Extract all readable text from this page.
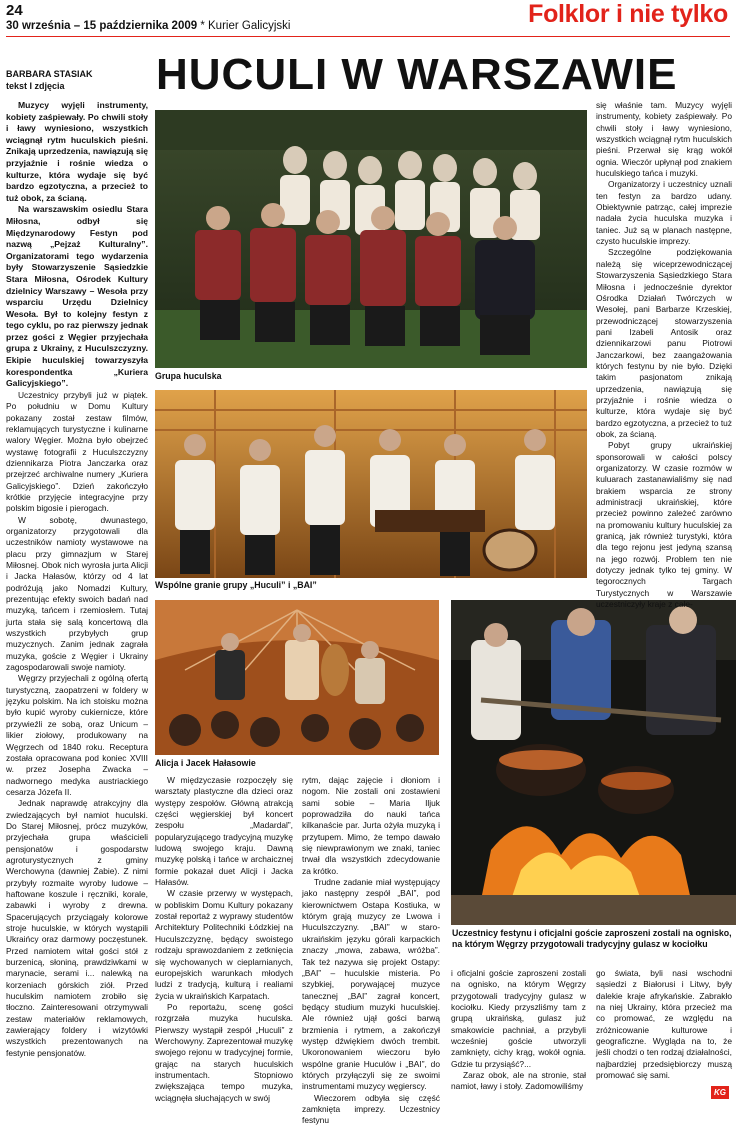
24
30 września – 15 października 2009 * Kurier Galicyjski	Folklor i nie tylko
BARBARA STASIAK
tekst I zdjęcia	HUCULI W WARSZAWIE

Muzycy wyjęli instrumenty, kobiety zaśpiewały. Po chwili stoły i ławy wyniesiono, wszystkich wciągnął rytm huculskich pieśni. Znikają uprzedzenia, nawiązują się przyjaźnie i rośnie wiedza o kulturze, która wydaje się być bardzo egzotyczna, a przecież to tuż obok, za ścianą.

Na warszawskim osiedlu Stara Miłosna, odbył się Międzynarodowy Festyn pod nazwą „Pejzaż Kulturalny”. Organizatorami tego wydarzenia były Stowarzyszenie Sąsiedzkie Stara Miłosna, Ośrodek Kultury dzielnicy Warszawy – Wesoła przy wsparciu Urzędu Dzielnicy Wesoła. Był to kolejny festyn z tego cyklu, po raz pierwszy jednak przez gości z Węgier przyjechała grupa z Ukrainy, z Huculszczyzny. Ekipie huculskiej towarzyszyła korespondentka „Kuriera Galicyjskiego”.

Uczestnicy przybyli już w piątek. Po południu w Domu Kultury pokazany został zestaw filmów, reklamujących turystyczne i kulinarne walory Węgier. Można było obejrzeć wystawę fotografii z Huculszczyzny dziennikarza Piotra Janczarka oraz przejrzeć archiwalne numery „Kuriera Galicyjskiego”. Dzień zakończyło krótkie przyjęcie integracyjne przy polskim bigosie i pierogach.

W sobotę, dwunastego, organizatorzy przygotowali dla uczestników namioty wystawowe na placu przy gimnazjum w Starej Miłosnej. Obok nich wyrosła jurta Alicji i Jacka Hałasów, którzy od 4 lat podróżują jako Nomadzi Kultury, prezentując efekty swoich badań nad muzyką, tańcem i rzemiosłem. Tutaj jurta stała się salą koncertową dla wszystkich przybyłych grup muzycznych. Zanim jednak zagrała muzyka, goście z Węgier i Ukrainy zagospodarowali swoje namioty.

Węgrzy przyjechali z ogólną ofertą turystyczną, zaopatrzeni w foldery w języku polskim. Na ich stoisku można było kupić wyroby cukiernicze, które przywieźli ze sobą, oraz Unicum – likier ziołowy, produkowany na Węgrzech od 1840 roku. Receptura została opracowana pod koniec XVIII w. przez Josepha Zwacka – nadwornego medyka austriackiego cesarza Józefa II.

Jednak naprawdę atrakcyjny dla zwiedzających był namiot huculski. Do Starej Miłosnej, prócz muzyków, przyjechała grupa właścicieli pensjonatów i gospodarstw agroturystycznych z gminy Werchowyna (dawniej Żabie). Z nimi przybyły rozmaite wyroby ludowe – haftowane koszule i ręczniki, korale, zabawki i wyroby z drewna. Spacerujących przyciągały kolorowe stroje huculskie, w których wystąpili Ukraińcy oraz darmowy poczęstunek. Przed namiotem witał gości stół z burzenicą, słoniną, prawdziwkami w marynacie, serami i... nalewką na korzeniach górskich ziół. Przed huculskim namiotem zrobiło się tłoczno. Zainteresowani otrzymywali zestaw materiałów reklamowych, zawierający foldery i wizytówki wszystkich prezentowanych na festynie pensjonatów.

Grupa huculska
Wspólne granie grupy „Huculi” i „BAI”
Alicja i Jacek Hałasowie
Uczestnicy festynu i oficjalni goście zaproszeni zostali na ognisko, na którym Węgrzy przygotowali tradycyjny gulasz w kociołku

W międzyczasie rozpoczęły się warsztaty plastyczne dla dzieci oraz występy zespołów. Główną atrakcją części węgierskiej był koncert zespołu „Madardal”, popularyzującego tradycyjną muzykę ludową swojego kraju. Dawną muzykę polską i tańce w archaicznej formie pokazał duet Alicji i Jacka Hałasów.

W czasie przerwy w występach, w pobliskim Domu Kultury pokazany został reportaż z wyprawy studentów Architektury Politechniki Łódzkiej na Huculszczyznę, będący swoistego rodzaju sprawozdaniem z zetknięcia się wychowanych w cieplarnianych, europejskich warunkach młodych ludzi z tradycją, kulturą i realiami życia w ukraińskich Karpatach.

Po reportażu, scenę gości rozgrzała muzyka huculska. Pierwszy wystąpił zespół „Huculi” z Werchowyny. Zaprezentował muzykę swojego rejonu w tradycyjnej formie, grając na starych huculskich instrumentach. Stopniowo zwiększająca tempo muzyka, wciągnęła słuchających w swój

rytm, dając zajęcie i dłoniom i nogom. Nie zostali oni zostawieni sami sobie – Maria Iljuk poprowadziła do nauki tańca kilkanaście par. Jurta ożyła muzyką i przytupem. Mimo, że tempo dawało się niewprawionym we znaki, taniec trwał dla wszystkich zdecydowanie za krótko.

Trudne zadanie miał występujący jako następny zespół „BAI”, pod kierownictwem Ostapa Kostiuka, w którym grają muzycy ze Lwowa i Huculszczyzny. „BAI” w staro-ukraińskim języku górali karpackich znaczy „mowa, zabawa, wróżba”. Tak też nazywa się projekt Ostapy: „BAI” – huculskie misteria. Po szybkiej, porywającej muzyce tanecznej „BAI” zagrał koncert, będący studium muzyki huculskiej. Ale również ujął gości barwą brzmienia i rytmem, a zakończył występ dźwiękiem dwóch trembit. Ukoronowaniem wieczoru było wspólne granie Huculów i „BAI”, do których przyłączyli się ze swoimi instrumentami muzycy węgierscy.

Wieczorem odbyła się część zamknięta imprezy. Uczestnicy festynu

i oficjalni goście zaproszeni zostali na ognisko, na którym Węgrzy przygotowali tradycyjny gulasz w kociołku. Kiedy przyszliśmy tam z grupą ukraińską, gulasz już smakowicie pachniał, a przybyli wcześniej goście utworzyli zamknięty, cichy krąg, wokół ognia. Gdzie tu przysiąść?...

Zaraz obok, ale na stronie, stał namiot, ławy i stoły. Zadomowiliśmy

go świata, byli nasi wschodni sąsiedzi z Białorusi i Litwy, były dalekie kraje afrykańskie. Zabrakło na niej Ukrainy, która przecież ma co promować, ze względu na zróżnicowanie kulturowe i geograficzne. Wygląda na to, że jeśli chodzi o ten rodzaj działalności, najbardziej przedsiębiorczy muszą promować się sami.

się właśnie tam. Muzycy wyjęli instrumenty, kobiety zaśpiewały. Po chwili stoły i ławy wyniesiono, wszystkich wciągnął rytm huculskich pieśni. Przerwał się krąg wokół ognia. Wieczór upłynął pod znakiem huculskiego tańca i muzyki.

Organizatorzy i uczestnicy uznali ten festyn za bardzo udany. Obiektywnie patrząc, całej imprezie nadała życia huculska muzyka i taniec. Już są w planach następne, czysto huculskie imprezy.

Szczególne podziękowania należą się wiceprzewodniczącej Stowarzyszenia Sąsiedzkiego Stara Miłosna i jednocześnie dyrektor Ośrodka Działań Twórczych w Wesołej, pani Barbarze Krzeskiej, przewodniczącej stowarzyszenia pani Izabeli Antosik oraz dziennikarzowi panu Piotrowi Janczarkowi, bez zaangażowania których festynu by nie było. Dzięki takim pasjonatom znikają uprzedzenia, nawiązują się przyjaźnie i rośnie wiedza o kulturze, która wydaje się być bardzo egzotyczna, a przecież to tuż obok, za ścianą.

Pobyt grupy ukraińskiej sponsorowali w całości polscy organizatorzy. W czasie rozmów w kuluarach zastanawialiśmy się nad brakiem wsparcia ze strony administracji ukraińskiej, które przecież powinno zależeć zarówno na promowaniu kultury huculskiej za granicą, jak również turystyki, która dla tego rejonu jest jedyną szansą na jego rozwój. Problem ten nie dotyczy jednak tylko tej gminy. W tegorocznych Targach Turystycznych w Warszawie uczestniczyły kraje z całe-

KG
